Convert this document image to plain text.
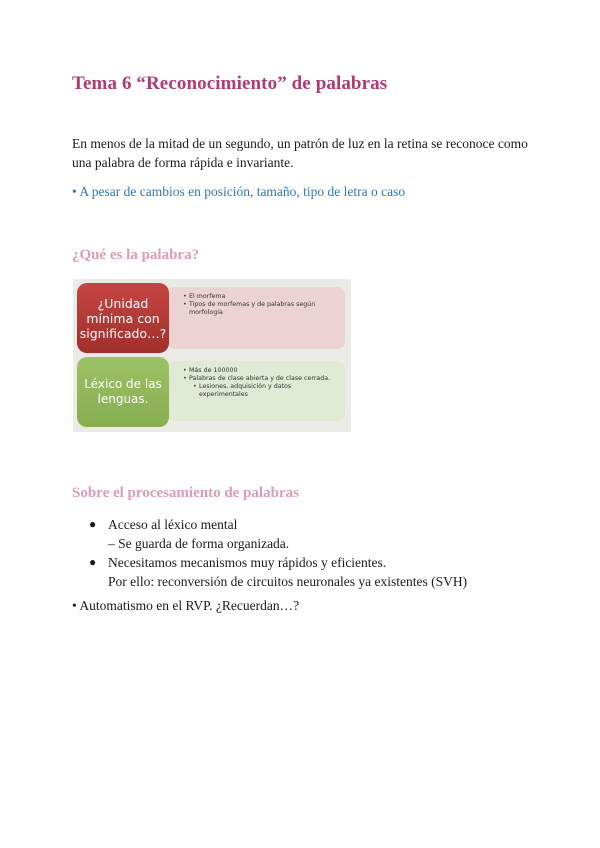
Tema 6 “Reconocimiento” de palabras
En menos de la mitad de un segundo, un patrón de luz en la retina se reconoce como una palabra de forma rápida e invariante.
• A pesar de cambios en posición, tamaño, tipo de letra o caso
¿Qué es la palabra?
• El morfema
• Tipos de morfemas y de palabras según morfología
¿Unidad mínima con significado…?
• Más de 100000
• Palabras de clase abierta y de clase cerrada.
• Lesiones, adquisición y datos experimentales
Léxico de las lenguas.
Sobre el procesamiento de palabras
● Acceso al léxico mental
– Se guarda de forma organizada.
● Necesitamos mecanismos muy rápidos y eficientes.
Por ello: reconversión de circuitos neuronales ya existentes (SVH)
• Automatismo en el RVP. ¿Recuerdan…?
